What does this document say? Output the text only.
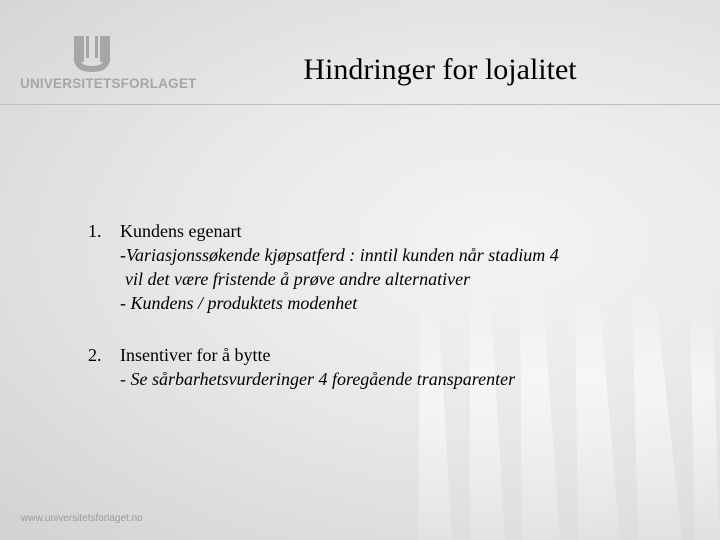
UNIVERSITETSFORLAGET	Hindringer for lojalitet
1. Kundens egenart
-Variasjonssøkende kjøpsatferd : inntil kunden når stadium 4
vil det være fristende å prøve andre alternativer
- Kundens / produktets modenhet
2. Insentiver for å bytte
- Se sårbarhetsvurderinger 4 foregående transparenter
www.universitetsforlaget.no
